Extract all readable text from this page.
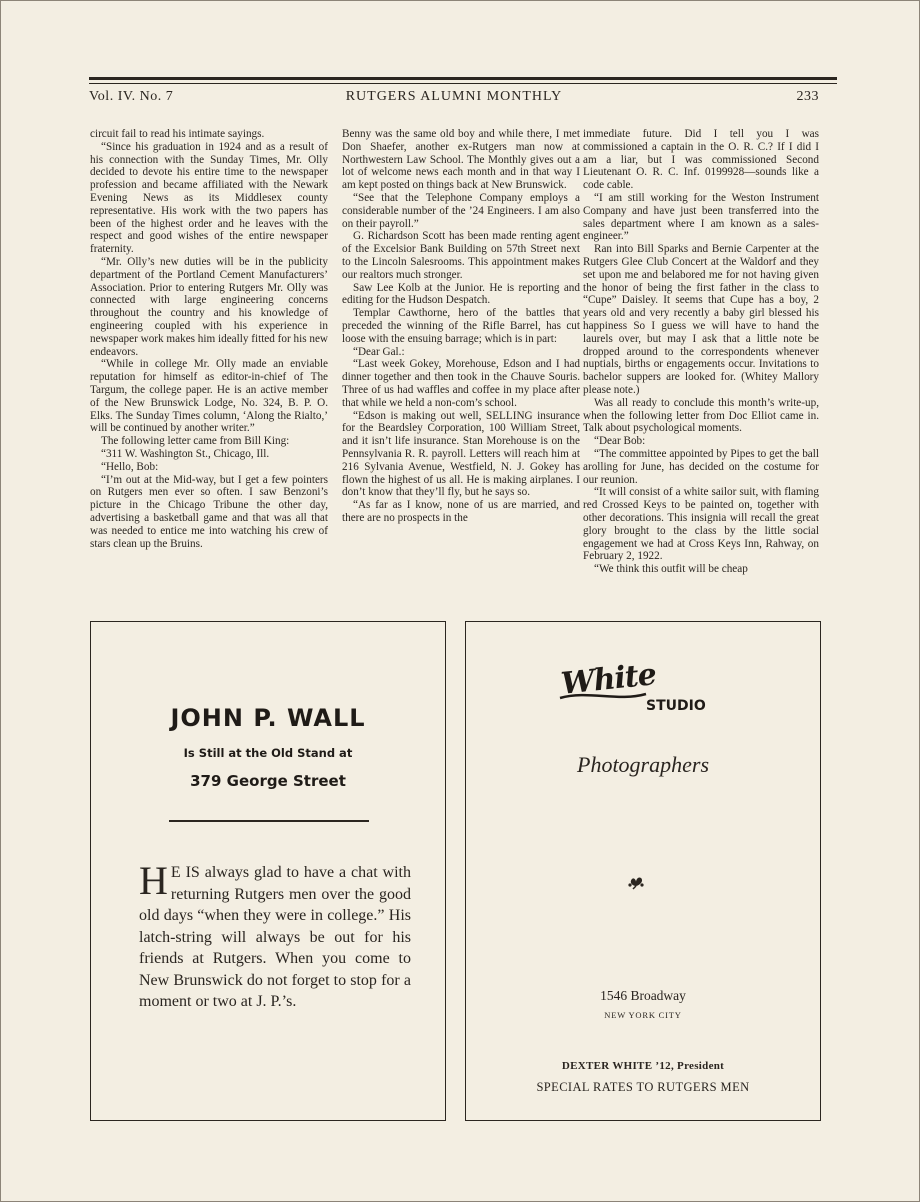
Vol. IV. No. 7	RUTGERS ALUMNI MONTHLY	233

circuit fail to read his intimate sayings.

“Since his graduation in 1924 and as a result of his connection with the Sunday Times, Mr. Olly decided to devote his entire time to the newspaper profession and became affiliated with the Newark Evening News as its Middlesex county representative. His work with the two papers has been of the highest order and he leaves with the respect and good wishes of the entire newspaper fraternity.

“Mr. Olly’s new duties will be in the publicity department of the Portland Cement Manufacturers’ Association. Prior to entering Rutgers Mr. Olly was connected with large engineering concerns throughout the country and his knowledge of engineering coupled with his experience in newspaper work makes him ideally fitted for his new endeavors.

“While in college Mr. Olly made an enviable reputation for himself as editor-in-chief of The Targum, the college paper. He is an active member of the New Brunswick Lodge, No. 324, B. P. O. Elks. The Sunday Times column, ‘Along the Rialto,’ will be continued by another writer.”

The following letter came from Bill King:

“311 W. Washington St., Chicago, Ill.

“Hello, Bob:

“I’m out at the Mid-way, but I get a few pointers on Rutgers men ever so often. I saw Benzoni’s picture in the Chicago Tribune the other day, advertising a basketball game and that was all that was needed to entice me into watching his crew of stars clean up the Bruins.

Benny was the same old boy and while there, I met Don Shaefer, another ex-Rutgers man now at Northwestern Law School. The Monthly gives out a lot of welcome news each month and in that way I am kept posted on things back at New Brunswick.

“See that the Telephone Company employs a considerable number of the ’24 Engineers. I am also on their payroll.”

G. Richardson Scott has been made renting agent of the Excelsior Bank Building on 57th Street next to the Lincoln Salesrooms. This appointment makes our realtors much stronger.

Saw Lee Kolb at the Junior. He is reporting and editing for the Hudson Despatch.

Templar Cawthorne, hero of the battles that preceded the winning of the Rifle Barrel, has cut loose with the ensuing barrage; which is in part:

“Dear Gal.:

“Last week Gokey, Morehouse, Edson and I had dinner together and then took in the Chauve Souris. Three of us had waffles and coffee in my place after that while we held a non-com’s school.

“Edson is making out well, SELLING insurance for the Beardsley Corporation, 100 William Street, and it isn’t life insurance. Stan Morehouse is on the Pennsylvania R. R. payroll. Letters will reach him at 216 Sylvania Avenue, Westfield, N. J. Gokey has flown the highest of us all. He is making airplanes. I don’t know that they’ll fly, but he says so.

“As far as I know, none of us are married, and there are no prospects in the

immediate future. Did I tell you I was commissioned a captain in the O. R. C.? If I did I am a liar, but I was commissioned Second Lieutenant O. R. C. Inf. 0199928—sounds like a code cable.

“I am still working for the Weston Instrument Company and have just been transferred into the sales department where I am known as a sales-engineer.”

Ran into Bill Sparks and Bernie Carpenter at the Rutgers Glee Club Concert at the Waldorf and they set upon me and belabored me for not having given the honor of being the first father in the class to “Cupe” Daisley. It seems that Cupe has a boy, 2 years old and very recently a baby girl blessed his happiness So I guess we will have to hand the laurels over, but may I ask that a little note be dropped around to the correspondents whenever nuptials, births or engagements occur. Invitations to bachelor suppers are looked for. (Whitey Mallory please note.)

Was all ready to conclude this month’s write-up, when the following letter from Doc Elliot came in. Talk about psychological moments.

“Dear Bob:

“The committee appointed by Pipes to get the ball arolling for June, has decided on the costume for our reunion.

“It will consist of a white sailor suit, with flaming red Crossed Keys to be painted on, together with other decorations. This insignia will recall the great glory brought to the class by the little social engagement we had at Cross Keys Inn, Rahway, on February 2, 1922.

“We think this outfit will be cheap

JOHN P. WALL
Is Still at the Old Stand at
379 George Street
H E IS always glad to have a chat with returning Rutgers men over the good old days “when they were in college.” His latch-string will always be out for his friends at Rutgers. When you come to New Brunswick do not forget to stop for a moment or two at J. P.’s.
White
STUDIO
Photographers
1546 Broadway
NEW YORK CITY
DEXTER WHITE ’12, President
SPECIAL RATES TO RUTGERS MEN
